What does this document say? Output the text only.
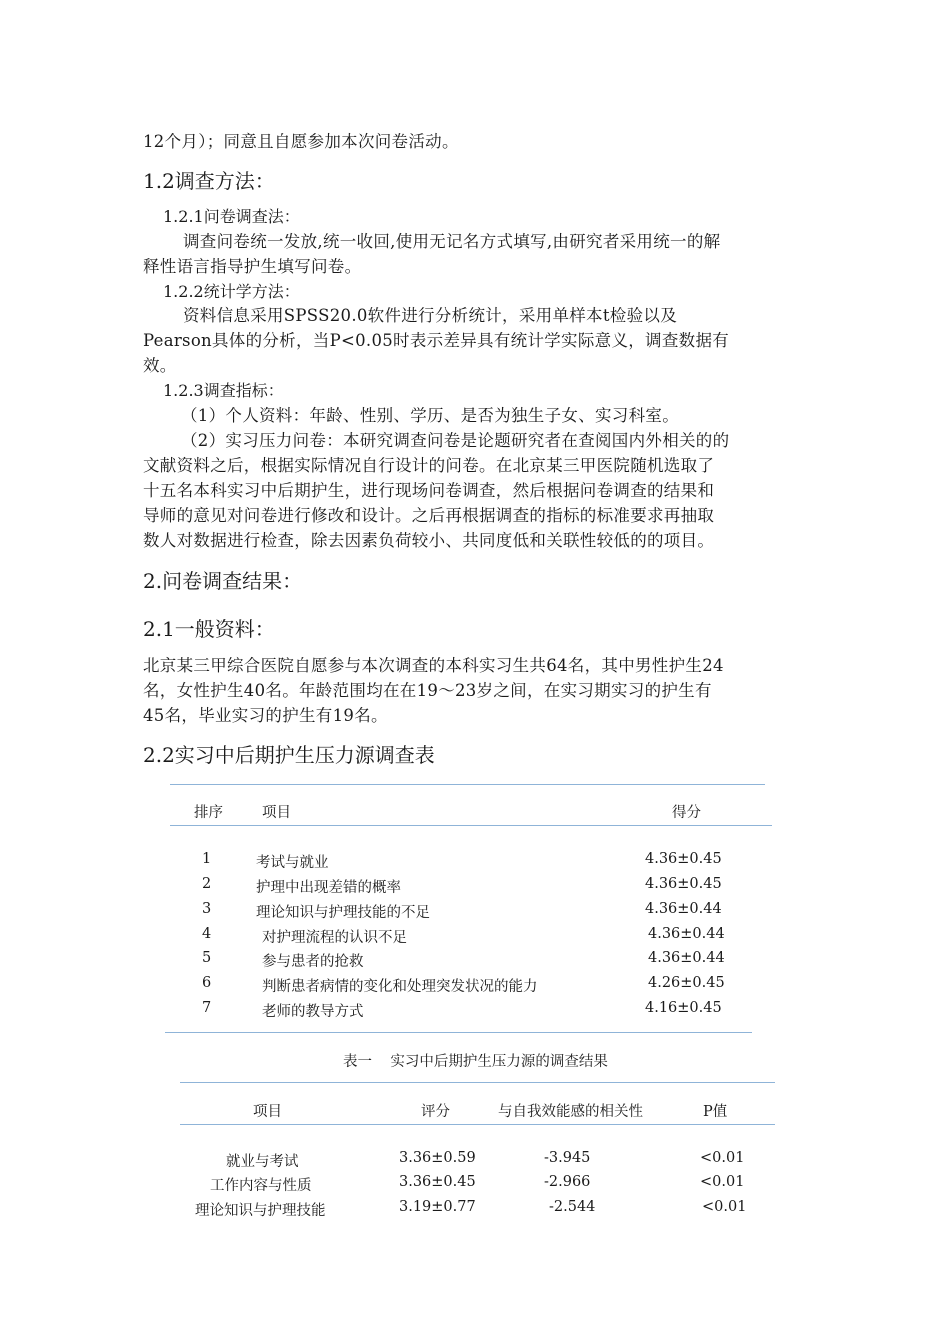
12个月）；同意且自愿参加本次问卷活动。
1.2调查方法：
1.2.1问卷调查法：
调查问卷统一发放,统一收回,使用无记名方式填写,由研究者采用统一的解
释性语言指导护生填写问卷。
1.2.2统计学方法：
资料信息采用SPSS20.0软件进行分析统计，采用单样本t检验以及
Pearson具体的分析，当P<0.05时表示差异具有统计学实际意义，调查数据有
效。
1.2.3调查指标：
（1）个人资料：年龄、性别、学历、是否为独生子女、实习科室。
（2）实习压力问卷：本研究调查问卷是论题研究者在查阅国内外相关的的
文献资料之后，根据实际情况自行设计的问卷。在北京某三甲医院随机选取了
十五名本科实习中后期护生，进行现场问卷调查，然后根据问卷调查的结果和
导师的意见对问卷进行修改和设计。之后再根据调查的指标的标准要求再抽取
数人对数据进行检查，除去因素负荷较小、共同度低和关联性较低的的项目。
2.问卷调查结果：
2.1一般资料：
北京某三甲综合医院自愿参与本次调查的本科实习生共64名，其中男性护生24
名，女性护生40名。年龄范围均在在19～23岁之间，在实习期实习的护生有
45名，毕业实习的护生有19名。
2.2实习中后期护生压力源调查表
排序	项目	得分
1	考试与就业	4.36±0.45
2	护理中出现差错的概率	4.36±0.45
3	理论知识与护理技能的不足	4.36±0.44
4	对护理流程的认识不足	4.36±0.44
5	参与患者的抢救	4.36±0.44
6	判断患者病情的变化和处理突发状况的能力	4.26±0.45
7	老师的教导方式	4.16±0.45
表一    实习中后期护生压力源的调查结果
项目	评分	与自我效能感的相关性	P值
就业与考试	3.36±0.59	-3.945	<0.01
工作内容与性质	3.36±0.45	-2.966	<0.01
理论知识与护理技能	3.19±0.77	-2.544	<0.01
